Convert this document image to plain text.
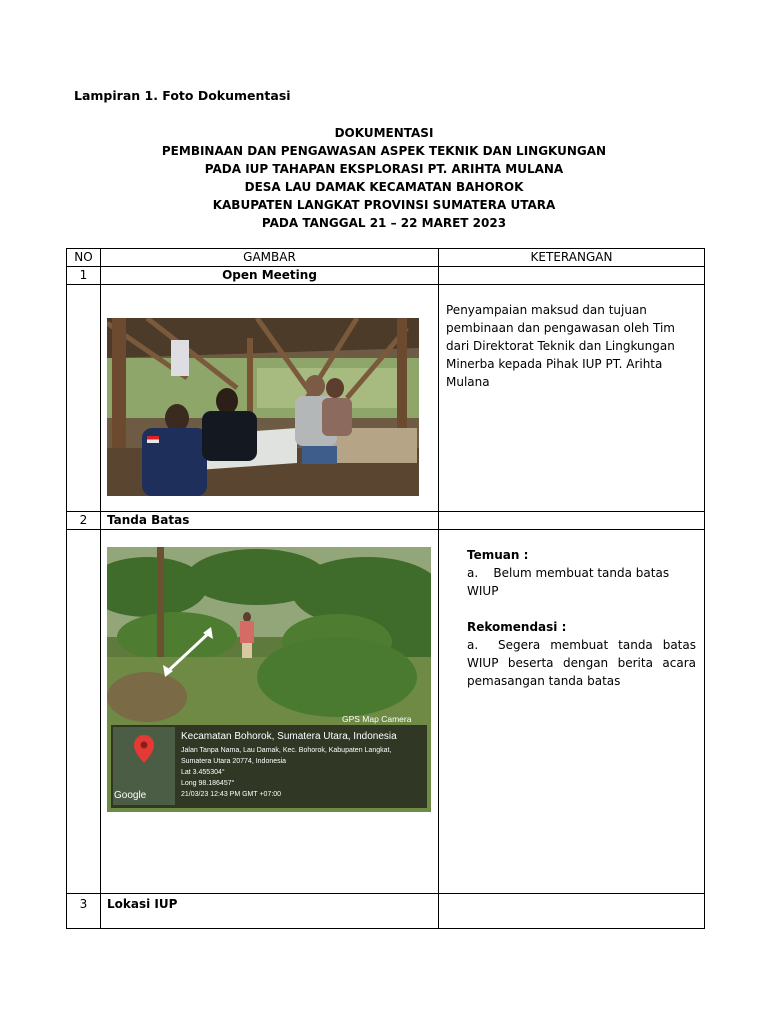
Lampiran 1. Foto Dokumentasi
DOKUMENTASI
PEMBINAAN DAN PENGAWASAN ASPEK TEKNIK DAN LINGKUNGAN
PADA IUP TAHAPAN EKSPLORASI PT. ARIHTA MULANA
DESA LAU DAMAK KECAMATAN BAHOROK
KABUPATEN LANGKAT PROVINSI SUMATERA UTARA
PADA TANGGAL 21 – 22 MARET 2023
NO	GAMBAR	KETERANGAN
1	Open Meeting	
		Penyampaian maksud dan tujuan pembinaan dan pengawasan oleh Tim dari Direktorat Teknik dan Lingkungan Minerba kepada Pihak IUP PT. Arihta Mulana
2	Tanda Batas	

		Temuan :
a.    Belum membuat tanda batas WIUP
Rekomendasi :
a.  Segera membuat tanda batas WIUP beserta dengan berita acara pemasangan tanda batas

3	Lokasi IUP	
GPS Map Camera
Google
Kecamatan Bohorok, Sumatera Utara, Indonesia
Jalan Tanpa Nama, Lau Damak, Kec. Bohorok, Kabupaten Langkat,
Sumatera Utara 20774, Indonesia
Lat 3.455304°
Long 98.186457°
21/03/23 12:43 PM GMT +07:00
